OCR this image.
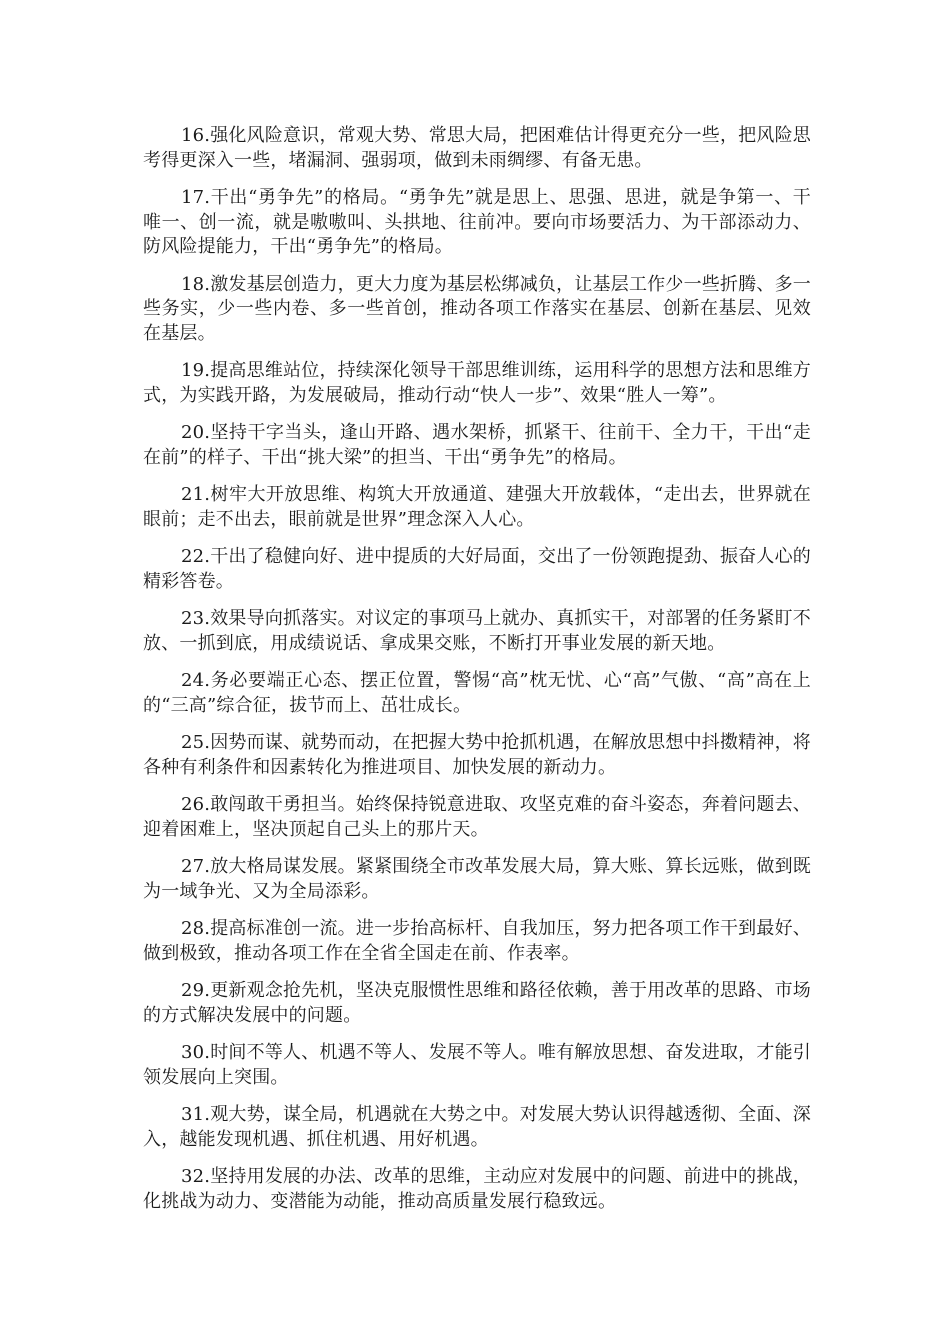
16.强化风险意识，常观大势、常思大局，把困难估计得更充分一些，把风险思考得更深入一些，堵漏洞、强弱项，做到未雨绸缪、有备无患。

17.干出“勇争先”的格局。“勇争先”就是思上、思强、思进，就是争第一、干唯一、创一流，就是嗷嗷叫、头拱地、往前冲。要向市场要活力、为干部添动力、防风险提能力，干出“勇争先”的格局。

18.激发基层创造力，更大力度为基层松绑减负，让基层工作少一些折腾、多一些务实，少一些内卷、多一些首创，推动各项工作落实在基层、创新在基层、见效在基层。

19.提高思维站位，持续深化领导干部思维训练，运用科学的思想方法和思维方式，为实践开路，为发展破局，推动行动“快人一步”、效果“胜人一筹”。

20.坚持干字当头，逢山开路、遇水架桥，抓紧干、往前干、全力干，干出“走在前”的样子、干出“挑大梁”的担当、干出“勇争先”的格局。

21.树牢大开放思维、构筑大开放通道、建强大开放载体，“走出去，世界就在眼前；走不出去，眼前就是世界”理念深入人心。

22.干出了稳健向好、进中提质的大好局面，交出了一份领跑提劲、振奋人心的精彩答卷。

23.效果导向抓落实。对议定的事项马上就办、真抓实干，对部署的任务紧盯不放、一抓到底，用成绩说话、拿成果交账，不断打开事业发展的新天地。

24.务必要端正心态、摆正位置，警惕“高”枕无忧、心“高”气傲、“高”高在上的“三高”综合征，拔节而上、茁壮成长。

25.因势而谋、就势而动，在把握大势中抢抓机遇，在解放思想中抖擞精神，将各种有利条件和因素转化为推进项目、加快发展的新动力。

26.敢闯敢干勇担当。始终保持锐意进取、攻坚克难的奋斗姿态，奔着问题去、迎着困难上，坚决顶起自己头上的那片天。

27.放大格局谋发展。紧紧围绕全市改革发展大局，算大账、算长远账，做到既为一域争光、又为全局添彩。

28.提高标准创一流。进一步抬高标杆、自我加压，努力把各项工作干到最好、做到极致，推动各项工作在全省全国走在前、作表率。

29.更新观念抢先机，坚决克服惯性思维和路径依赖，善于用改革的思路、市场的方式解决发展中的问题。

30.时间不等人、机遇不等人、发展不等人。唯有解放思想、奋发进取，才能引领发展向上突围。

31.观大势，谋全局，机遇就在大势之中。对发展大势认识得越透彻、全面、深入，越能发现机遇、抓住机遇、用好机遇。

32.坚持用发展的办法、改革的思维，主动应对发展中的问题、前进中的挑战，化挑战为动力、变潜能为动能，推动高质量发展行稳致远。
